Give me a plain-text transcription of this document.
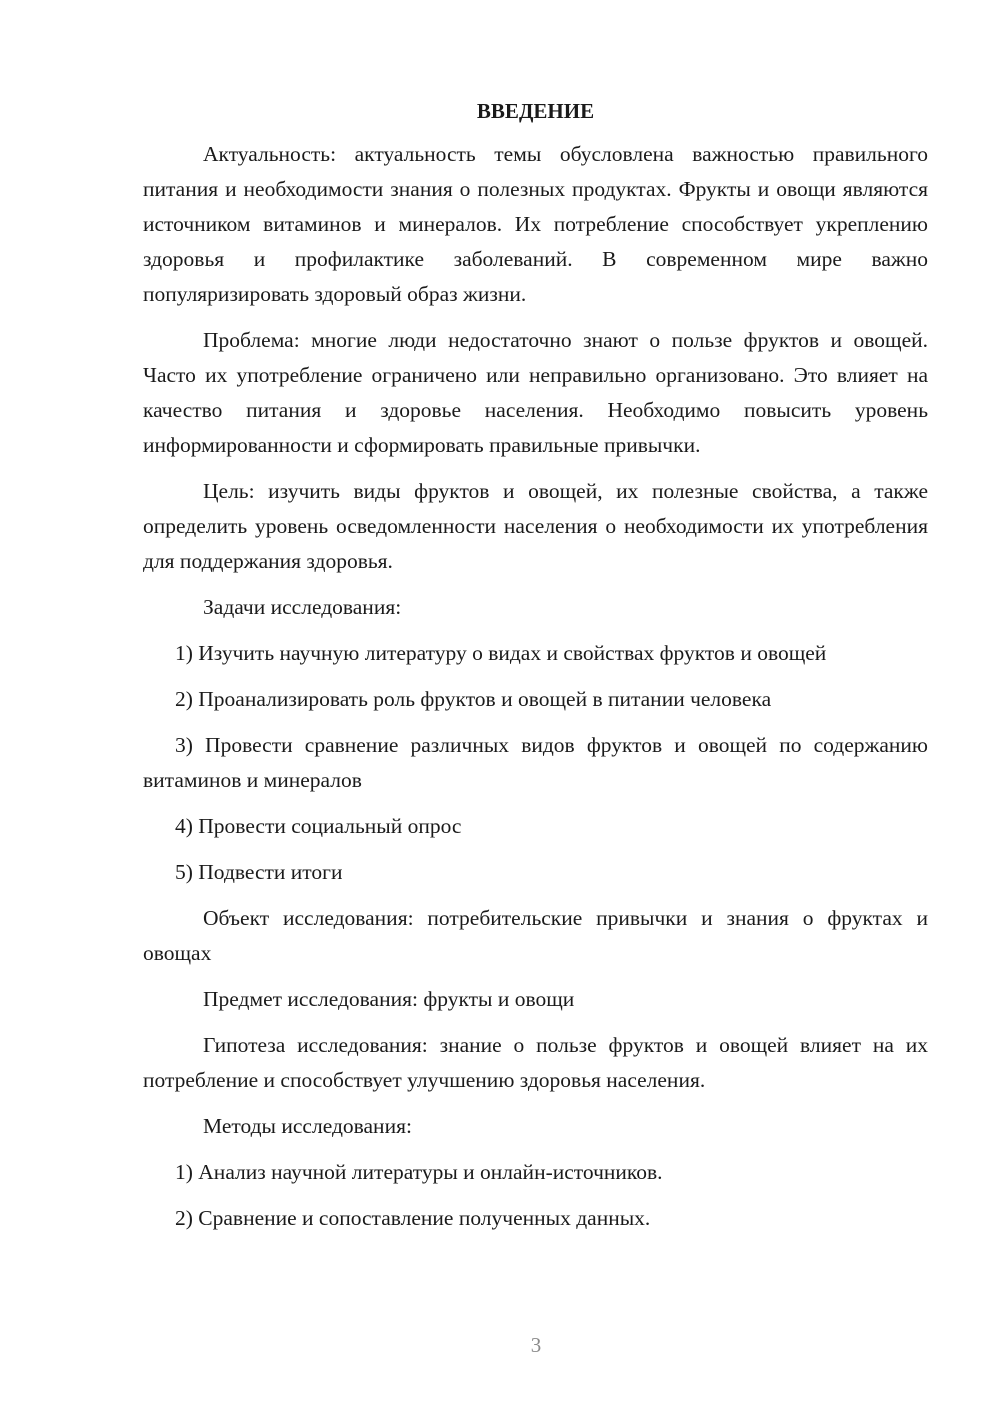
ВВЕДЕНИЕ

Актуальность: актуальность темы обусловлена важностью правильного питания и необходимости знания о полезных продуктах. Фрукты и овощи являются источником витаминов и минералов. Их потребление способствует укреплению здоровья и профилактике заболеваний. В современном мире важно популяризировать здоровый образ жизни.

Проблема: многие люди недостаточно знают о пользе фруктов и овощей. Часто их употребление ограничено или неправильно организовано. Это влияет на качество питания и здоровье населения. Необходимо повысить уровень информированности и сформировать правильные привычки.

Цель: изучить виды фруктов и овощей, их полезные свойства, а также определить уровень осведомленности населения о необходимости их употребления для поддержания здоровья.

Задачи исследования:

1) Изучить научную литературу о видах и свойствах фруктов и овощей

2) Проанализировать роль фруктов и овощей в питании человека

3) Провести сравнение различных видов фруктов и овощей по содержанию витаминов и минералов

4) Провести социальный опрос

5) Подвести итоги

Объект исследования: потребительские привычки и знания о фруктах и овощах

Предмет исследования: фрукты и овощи

Гипотеза исследования: знание о пользе фруктов и овощей влияет на их потребление и способствует улучшению здоровья населения.

Методы исследования:

1) Анализ научной литературы и онлайн-источников.

2) Сравнение и сопоставление полученных данных.

3
